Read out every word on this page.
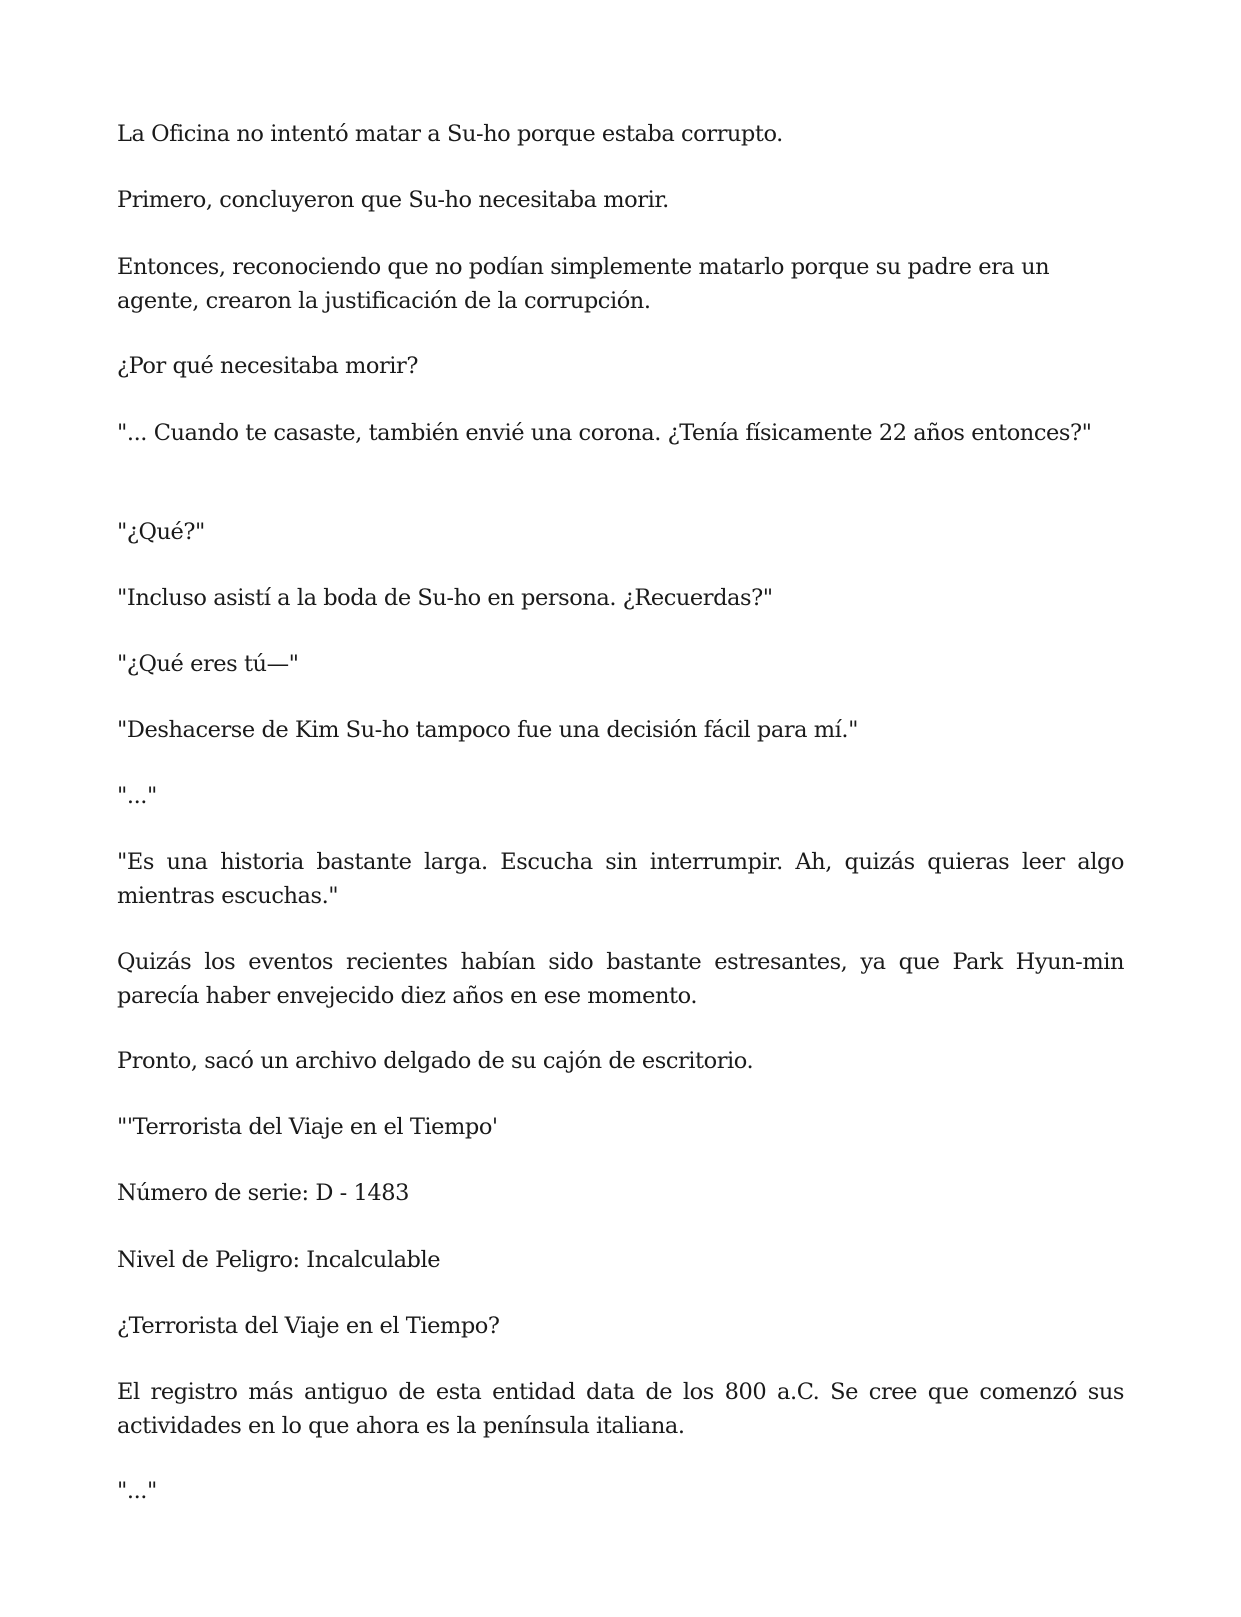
La Oficina no intentó matar a Su-ho porque estaba corrupto.

Primero, concluyeron que Su-ho necesitaba morir.

Entonces, reconociendo que no podían simplemente matarlo porque su padre era un agente, crearon la justificación de la corrupción.

¿Por qué necesitaba morir?

"... Cuando te casaste, también envié una corona. ¿Tenía físicamente 22 años entonces?"

"¿Qué?"

"Incluso asistí a la boda de Su-ho en persona. ¿Recuerdas?"

"¿Qué eres tú—"

"Deshacerse de Kim Su-ho tampoco fue una decisión fácil para mí."

"..."

"Es una historia bastante larga. Escucha sin interrumpir. Ah, quizás quieras leer algo mientras escuchas."

Quizás los eventos recientes habían sido bastante estresantes, ya que Park Hyun-min parecía haber envejecido diez años en ese momento.

Pronto, sacó un archivo delgado de su cajón de escritorio.

"'Terrorista del Viaje en el Tiempo'

Número de serie: D - 1483

Nivel de Peligro: Incalculable

¿Terrorista del Viaje en el Tiempo?

El registro más antiguo de esta entidad data de los 800 a.C. Se cree que comenzó sus actividades en lo que ahora es la península italiana.

"..."
